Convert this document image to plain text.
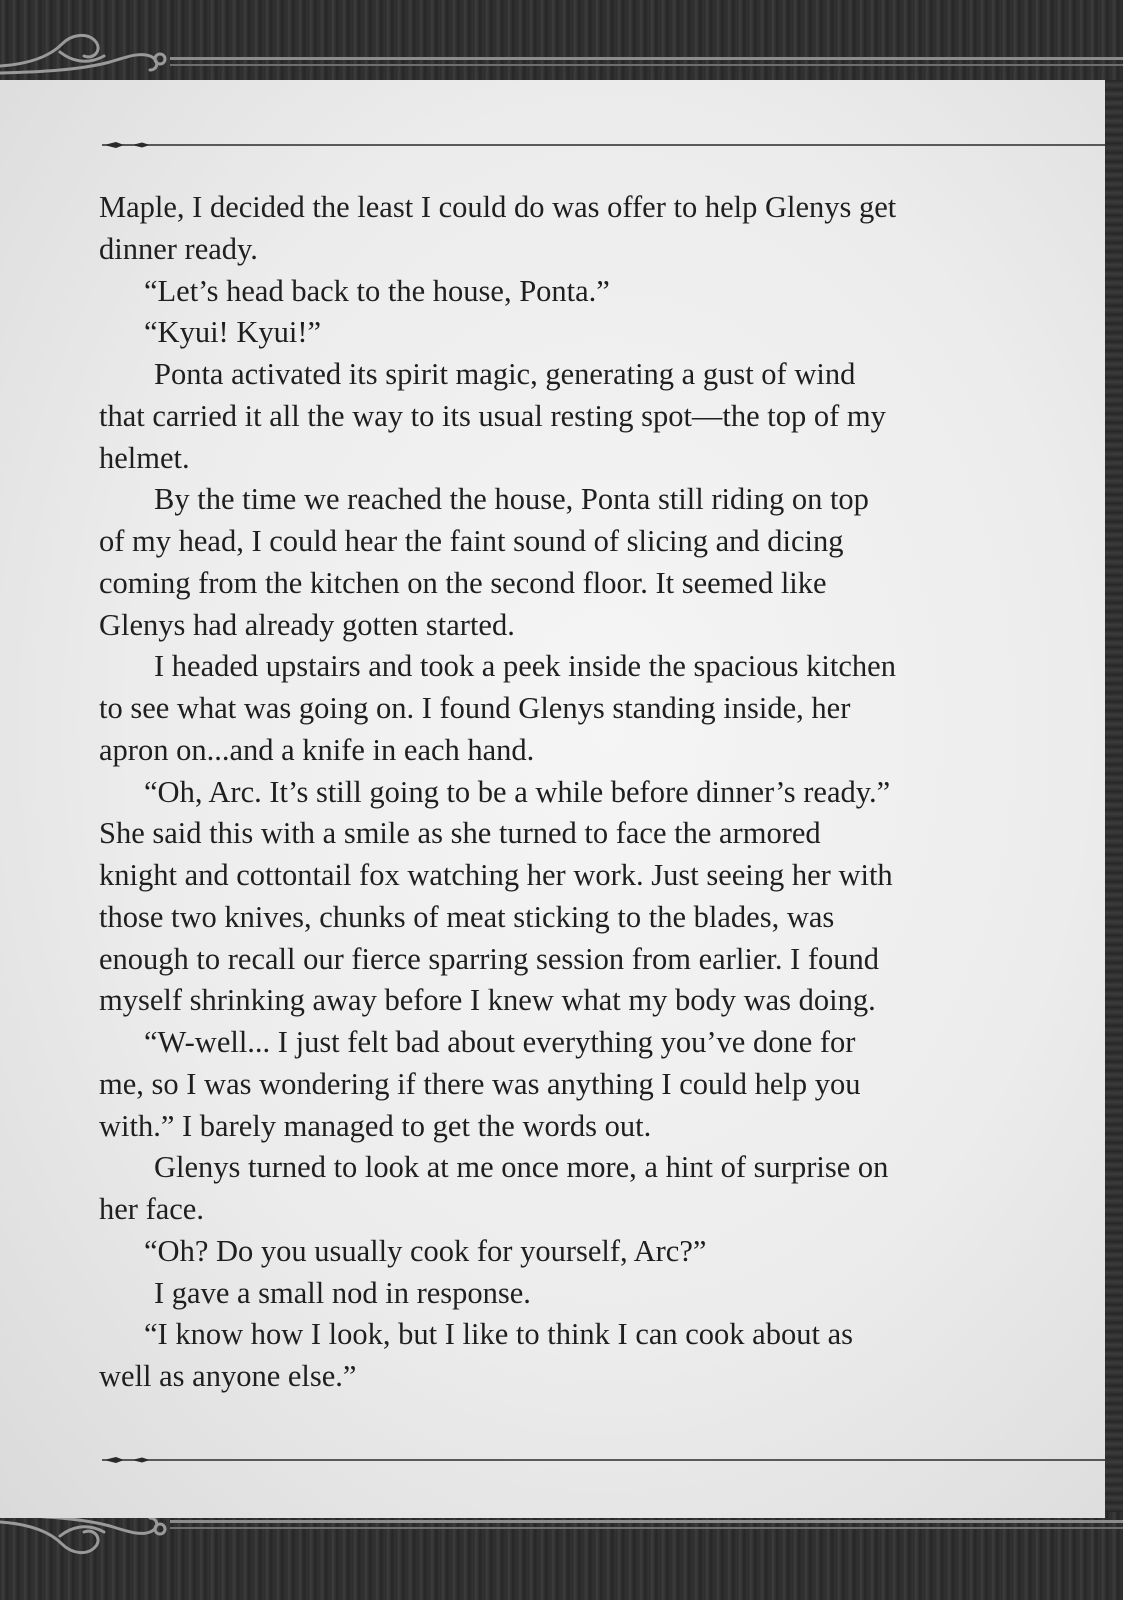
Maple, I decided the least I could do was offer to help Glenys get

dinner ready.

“Let’s head back to the house, Ponta.”

“Kyui! Kyui!”

Ponta activated its spirit magic, generating a gust of wind

that carried it all the way to its usual resting spot—the top of my

helmet.

By the time we reached the house, Ponta still riding on top

of my head, I could hear the faint sound of slicing and dicing

coming from the kitchen on the second floor. It seemed like

Glenys had already gotten started.

I headed upstairs and took a peek inside the spacious kitchen

to see what was going on. I found Glenys standing inside, her

apron on...and a knife in each hand.

“Oh, Arc. It’s still going to be a while before dinner’s ready.”

She said this with a smile as she turned to face the armored

knight and cottontail fox watching her work. Just seeing her with

those two knives, chunks of meat sticking to the blades, was

enough to recall our fierce sparring session from earlier. I found

myself shrinking away before I knew what my body was doing.

“W-well... I just felt bad about everything you’ve done for

me, so I was wondering if there was anything I could help you

with.” I barely managed to get the words out.

Glenys turned to look at me once more, a hint of surprise on

her face.

“Oh? Do you usually cook for yourself, Arc?”

I gave a small nod in response.

“I know how I look, but I like to think I can cook about as

well as anyone else.”
